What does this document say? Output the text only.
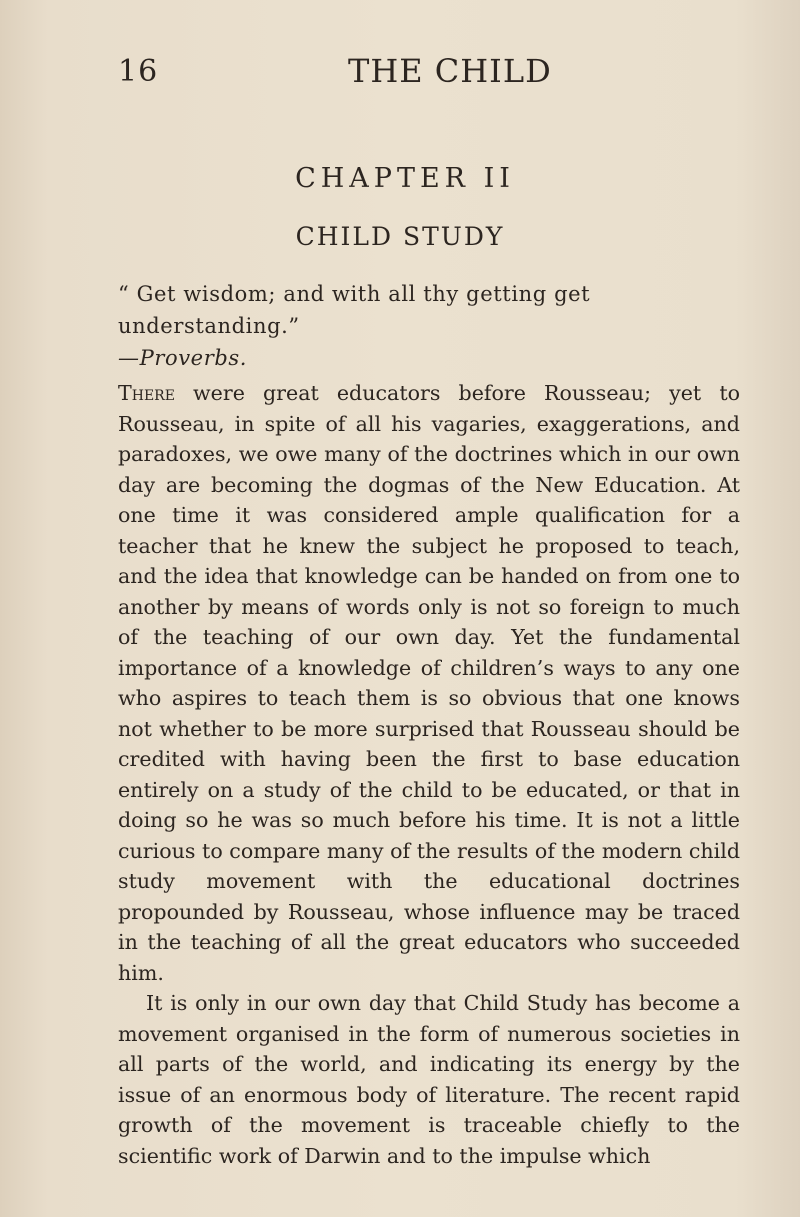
16	THE CHILD
CHAPTER II
CHILD STUDY
“ Get wisdom; and with all thy getting get understanding.”
—Proverbs.

There were great educators before Rousseau; yet to Rousseau, in spite of all his vagaries, exaggerations, and paradoxes, we owe many of the doctrines which in our own day are becoming the dogmas of the New Education. At one time it was considered ample qualification for a teacher that he knew the subject he proposed to teach, and the idea that knowledge can be handed on from one to another by means of words only is not so foreign to much of the teaching of our own day. Yet the fundamental importance of a knowledge of children’s ways to any one who aspires to teach them is so obvious that one knows not whether to be more surprised that Rousseau should be credited with having been the first to base education entirely on a study of the child to be educated, or that in doing so he was so much before his time. It is not a little curious to compare many of the results of the modern child study movement with the educational doctrines propounded by Rousseau, whose influence may be traced in the teaching of all the great educators who succeeded him.

It is only in our own day that Child Study has become a movement organised in the form of numerous societies in all parts of the world, and indicating its energy by the issue of an enormous body of literature. The recent rapid growth of the movement is traceable chiefly to the scientific work of Darwin and to the impulse which
